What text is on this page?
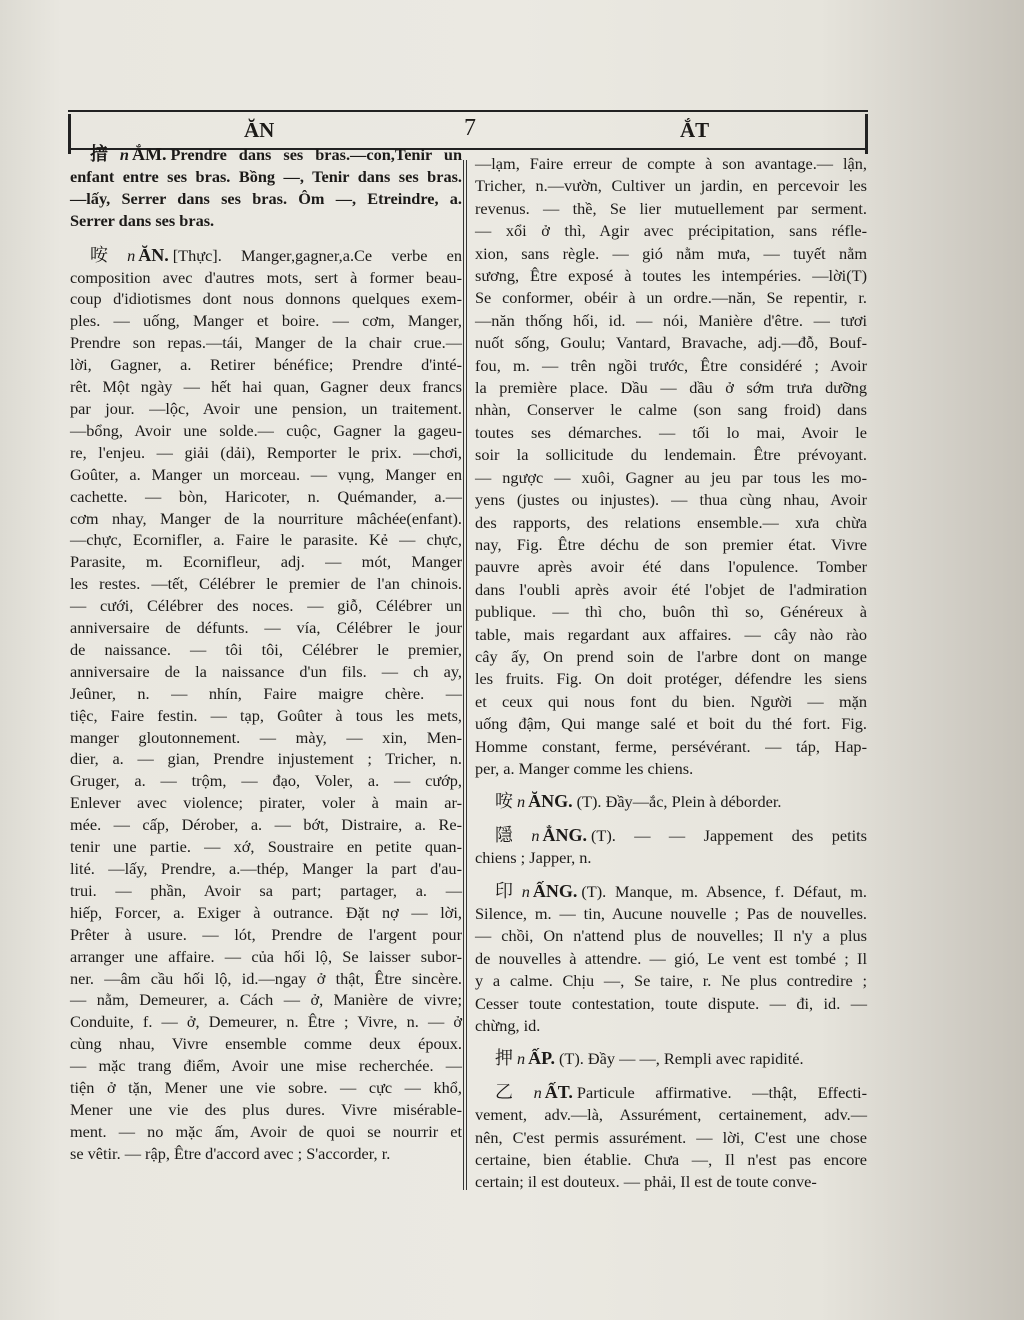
ĂN	7	ẮT
揞 n ẮM. Prendre dans ses bras.—con,Tenir un
enfant entre ses bras. Bồng —, Tenir dans ses bras.
—lấy, Serrer dans ses bras. Ôm —, Etreindre, a.
Serrer dans ses bras.
咹 n ĂN. [Thực]. Manger,gagner,a.Ce verbe en
composition avec d'autres mots, sert à former beau-
coup d'idiotismes dont nous donnons quelques exem-
ples. — uống, Manger et boire. — cơm, Manger,
Prendre son repas.—tái, Manger de la chair crue.—
lời, Gagner, a. Retirer bénéfice; Prendre d'inté-
rêt. Một ngày — hết hai quan, Gagner deux francs
par jour. —lộc, Avoir une pension, un traitement.
—bổng, Avoir une solde.— cuộc, Gagner la gageu-
re, l'enjeu. — giải (dải), Remporter le prix. —chơi,
Goûter, a. Manger un morceau. — vụng, Manger en
cachette. — bòn, Haricoter, n. Quémander, a.—
cơm nhay, Manger de la nourriture mâchée(enfant).
—chực, Ecornifler, a. Faire le parasite. Kẻ — chực,
Parasite, m. Ecornifleur, adj. — mót, Manger
les restes. —tết, Célébrer le premier de l'an chinois.
— cưới, Célébrer des noces. — giỗ, Célébrer un
anniversaire de défunts. — vía, Célébrer le jour
de naissance. — tôi tôi, Célébrer le premier,
anniversaire de la naissance d'un fils. — ch ay,
Jeûner, n. — nhín, Faire maigre chère. —
tiệc, Faire festin. — tạp, Goûter à tous les mets,
manger gloutonnement. — mày, — xin, Men-
dier, a. — gian, Prendre injustement ; Tricher, n.
Gruger, a. — trộm, — đạo, Voler, a. — cướp,
Enlever avec violence; pirater, voler à main ar-
mée. — cấp, Dérober, a. — bớt, Distraire, a. Re-
tenir une partie. — xớ, Soustraire en petite quan-
lité. —lấy, Prendre, a.—thép, Manger la part d'au-
trui. — phần, Avoir sa part; partager, a. —
hiếp, Forcer, a. Exiger à outrance. Đặt nợ — lời,
Prêter à usure. — lót, Prendre de l'argent pour
arranger une affaire. — của hối lộ, Se laisser subor-
ner. —âm cầu hối lộ, id.—ngay ở thật, Être sincère.
— nằm, Demeurer, a. Cách — ở, Manière de vivre;
Conduite, f. — ở, Demeurer, n. Être ; Vivre, n. — ở
cùng nhau, Vivre ensemble comme deux époux.
— mặc trang điểm, Avoir une mise recherchée. —
tiện ở tặn, Mener une vie sobre. — cực — khổ,
Mener une vie des plus dures. Vivre misérable-
ment. — no mặc ấm, Avoir de quoi se nourrir et
se vêtir. — rập, Être d'accord avec ; S'accorder, r.
—lạm, Faire erreur de compte à son avantage.— lận,
Tricher, n.—vườn, Cultiver un jardin, en percevoir les
revenus. — thề, Se lier mutuellement par serment.
— xổi ở thì, Agir avec précipitation, sans réfle-
xion, sans règle. — gió nằm mưa, — tuyết nằm
sương, Être exposé à toutes les intempéries. —lời(T)
Se conformer, obéir à un ordre.—năn, Se repentir, r.
—năn thống hối, id. — nói, Manière d'être. — tươi
nuốt sống, Goulu; Vantard, Bravache, adj.—đỗ, Bouf-
fou, m. — trên ngồi trước, Être considéré ; Avoir
la première place. Dầu — dầu ở sớm trưa dưỡng
nhàn, Conserver le calme (son sang froid) dans
toutes ses démarches. — tối lo mai, Avoir le
soir la sollicitude du lendemain. Être prévoyant.
— ngược — xuôi, Gagner au jeu par tous les mo-
yens (justes ou injustes). — thua cùng nhau, Avoir
des rapports, des relations ensemble.— xưa chừa
nay, Fig. Être déchu de son premier état. Vivre
pauvre après avoir été dans l'opulence. Tomber
dans l'oubli après avoir été l'objet de l'admiration
publique. — thì cho, buôn thì so, Généreux à
table, mais regardant aux affaires. — cây nào rào
cây ấy, On prend soin de l'arbre dont on mange
les fruits. Fig. On doit protéger, défendre les siens
et ceux qui nous font du bien. Người — mặn
uống đậm, Qui mange salé et boit du thé fort. Fig.
Homme constant, ferme, persévérant. — táp, Hap-
per, a. Manger comme les chiens.
咹 n ĂNG. (T). Đầy—ắc, Plein à déborder.
隱 n ẲNG. (T). — — Jappement des petits
chiens ; Japper, n.
印 n ẤNG. (T). Manque, m. Absence, f. Défaut, m.
Silence, m. — tin, Aucune nouvelle ; Pas de nouvelles.
— chồi, On n'attend plus de nouvelles; Il n'y a plus
de nouvelles à attendre. — gió, Le vent est tombé ; Il
y a calme. Chịu —, Se taire, r. Ne plus contredire ;
Cesser toute contestation, toute dispute. — đi, id. —
chừng, id.
押 n ẤP. (T). Đầy — —, Rempli avec rapidité.
乙 n ẤT. Particule affirmative. —thật, Effecti-
vement, adv.—là, Assurément, certainement, adv.—
nên, C'est permis assurément. — lời, C'est une chose
certaine, bien établie. Chưa —, Il n'est pas encore
certain; il est douteux. — phải, Il est de toute conve-
